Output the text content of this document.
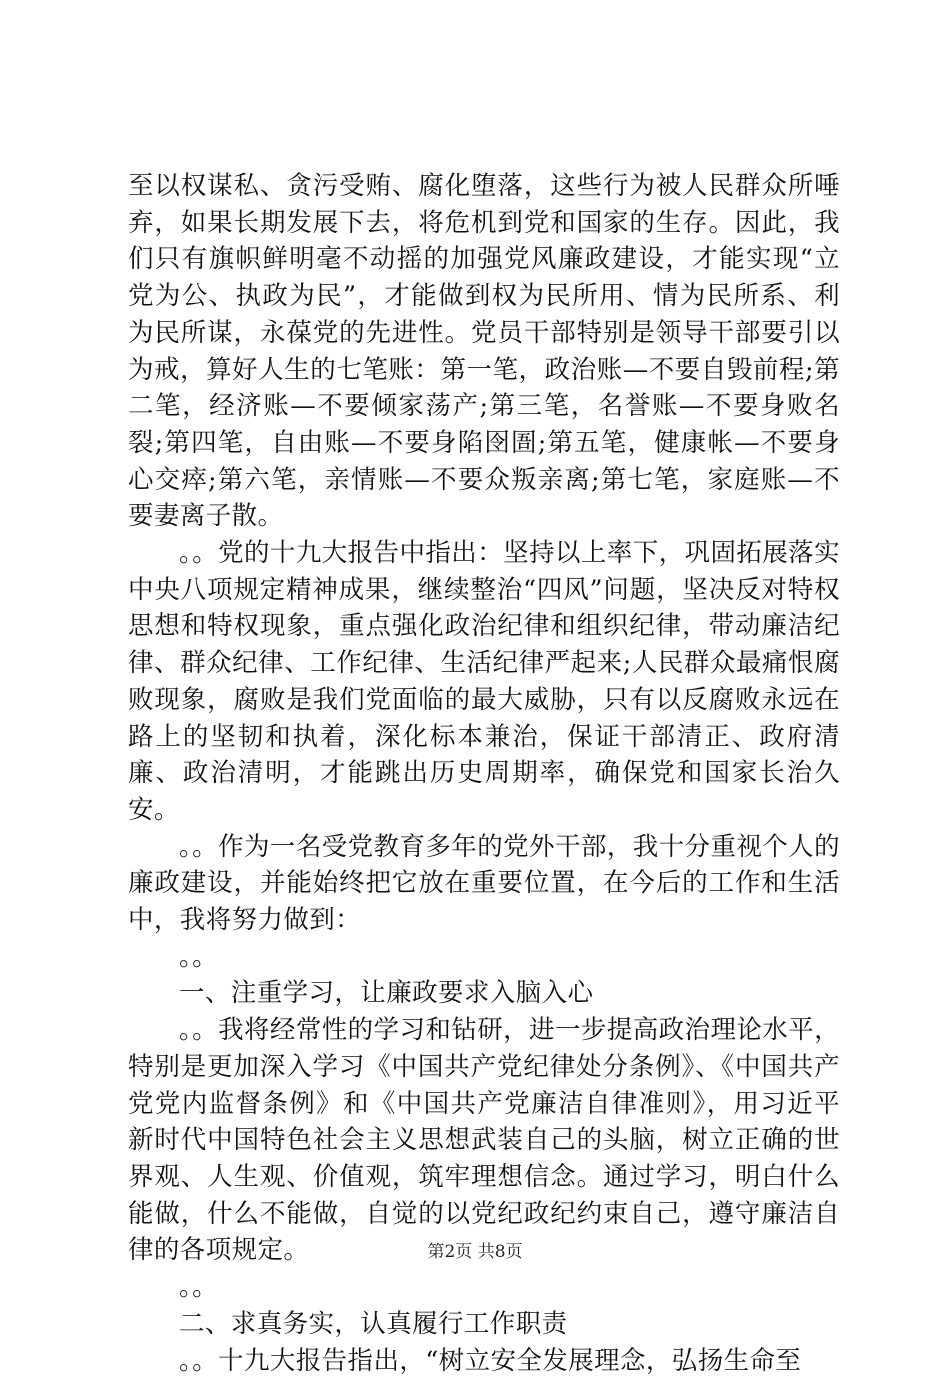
至以权谋私、贪污受贿、腐化堕落，这些行为被人民群众所唾弃，如果长期发展下去，将危机到党和国家的生存。因此，我们只有旗帜鲜明毫不动摇的加强党风廉政建设，才能实现“立党为公、执政为民”，才能做到权为民所用、情为民所系、利为民所谋，永葆党的先进性。党员干部特别是领导干部要引以为戒，算好人生的七笔账：第一笔，政治账—不要自毁前程;第二笔，经济账—不要倾家荡产;第三笔，名誉账—不要身败名裂;第四笔，自由账—不要身陷囹圄;第五笔，健康帐—不要身心交瘁;第六笔，亲情账—不要众叛亲离;第七笔，家庭账—不要妻离子散。

。。党的十九大报告中指出：坚持以上率下，巩固拓展落实中央八项规定精神成果，继续整治“四风”问题，坚决反对特权思想和特权现象，重点强化政治纪律和组织纪律，带动廉洁纪律、群众纪律、工作纪律、生活纪律严起来;人民群众最痛恨腐败现象，腐败是我们党面临的最大威胁，只有以反腐败永远在路上的坚韧和执着，深化标本兼治，保证干部清正、政府清廉、政治清明，才能跳出历史周期率，确保党和国家长治久安。

。。作为一名受党教育多年的党外干部，我十分重视个人的廉政建设，并能始终把它放在重要位置，在今后的工作和生活中，我将努力做到：

。。

一、注重学习，让廉政要求入脑入心

。。我将经常性的学习和钻研，进一步提高政治理论水平，特别是更加深入学习《中国共产党纪律处分条例》、《中国共产党党内监督条例》和《中国共产党廉洁自律准则》，用习近平新时代中国特色社会主义思想武装自己的头脑，树立正确的世界观、人生观、价值观，筑牢理想信念。通过学习，明白什么能做，什么不能做，自觉的以党纪政纪约束自己，遵守廉洁自律的各项规定。

。。

二、求真务实，认真履行工作职责

。。十九大报告指出，“树立安全发展理念，弘扬生命至

第2页 共8页
